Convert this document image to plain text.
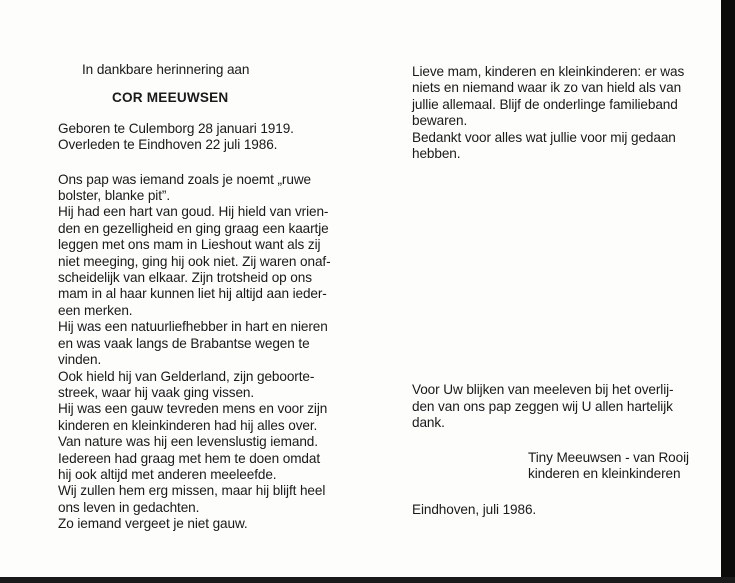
In dankbare herinnering aan
COR MEEUWSEN
Geboren te Culemborg 28 januari 1919.
Overleden te Eindhoven 22 juli 1986.
Ons pap was iemand zoals je noemt „ruwe
bolster, blanke pit”.
Hij had een hart van goud. Hij hield van vrien-
den en gezelligheid en ging graag een kaartje
leggen met ons mam in Lieshout want als zij
niet meeging, ging hij ook niet. Zij waren onaf-
scheidelijk van elkaar. Zijn trotsheid op ons
mam in al haar kunnen liet hij altijd aan ieder-
een merken.
Hij was een natuurliefhebber in hart en nieren
en was vaak langs de Brabantse wegen te
vinden.
Ook hield hij van Gelderland, zijn geboorte-
streek, waar hij vaak ging vissen.
Hij was een gauw tevreden mens en voor zijn
kinderen en kleinkinderen had hij alles over.
Van nature was hij een levenslustig iemand.
Iedereen had graag met hem te doen omdat
hij ook altijd met anderen meeleefde.
Wij zullen hem erg missen, maar hij blijft heel
ons leven in gedachten.
Zo iemand vergeet je niet gauw.
Lieve mam, kinderen en kleinkinderen: er was
niets en niemand waar ik zo van hield als van
jullie allemaal. Blijf de onderlinge familieband
bewaren.
Bedankt voor alles wat jullie voor mij gedaan
hebben.
Voor Uw blijken van meeleven bij het overlij-
den van ons pap zeggen wij U allen hartelijk
dank.
Tiny Meeuwsen - van Rooij
kinderen en kleinkinderen
Eindhoven, juli 1986.
